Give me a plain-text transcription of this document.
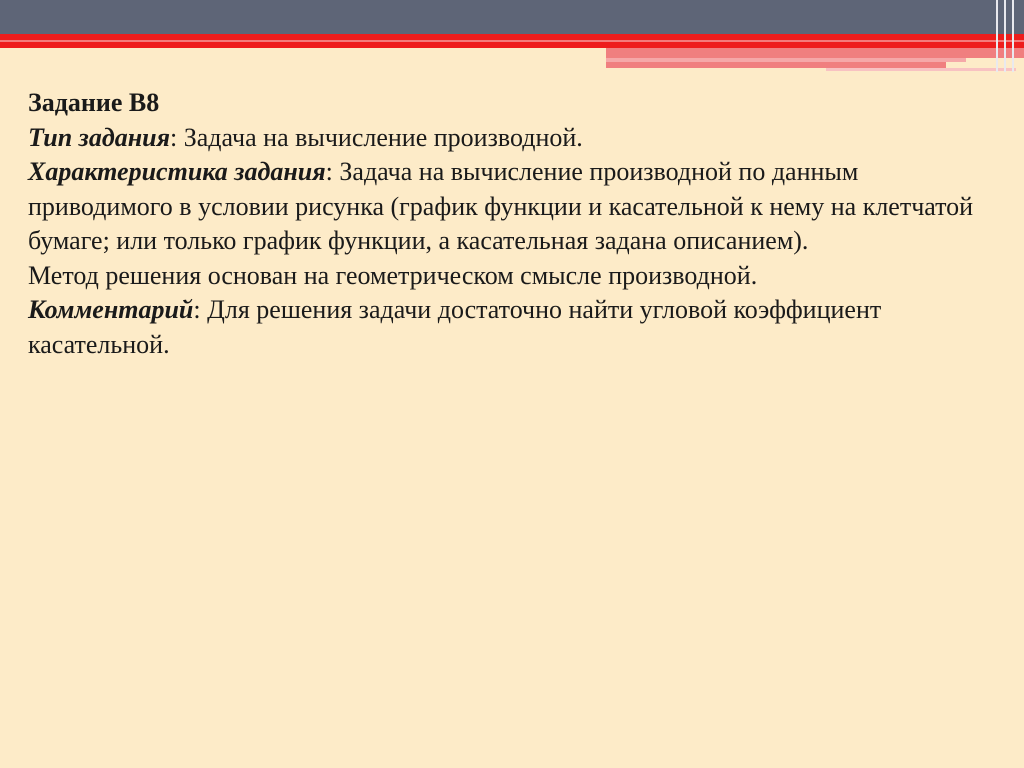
Задание В8

Тип задания: Задача на вычисление производной.

Характеристика задания: Задача на вычисление производной по данным приводимого в условии рисунка (график функции и касательной к нему на клетчатой бумаге; или только график функции, а касательная задана описанием).

Метод решения основан на геометрическом смысле производной.

Комментарий: Для решения задачи достаточно найти угловой коэффициент касательной.
